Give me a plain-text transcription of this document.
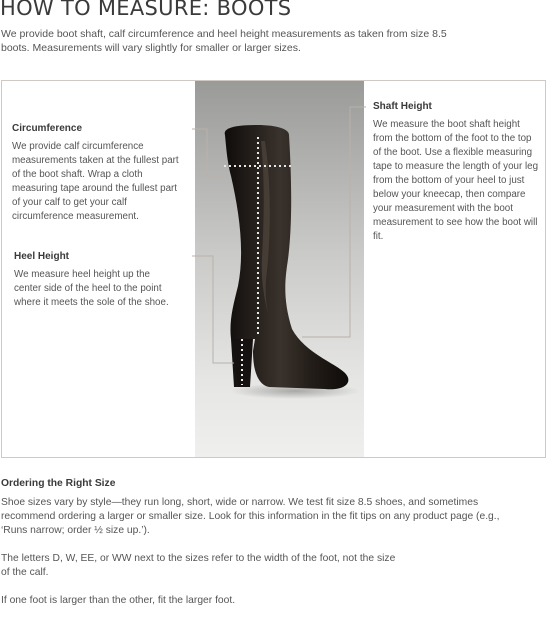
HOW TO MEASURE: BOOTS
We provide boot shaft, calf circumference and heel height measurements as taken from size 8.5 boots. Measurements will vary slightly for smaller or larger sizes.
Circumference

We provide calf circumference measurements taken at the fullest part of the boot shaft. Wrap a cloth measuring tape around the fullest part of your calf to get your calf circumference measurement.

Heel Height

We measure heel height up the center side of the heel to the point where it meets the sole of the shoe.

Shaft Height

We measure the boot shaft height from the bottom of the foot to the top of the boot. Use a flexible measuring tape to measure the length of your leg from the bottom of your heel to just below your kneecap, then compare your measurement with the boot measurement to see how the boot will fit.

Ordering the Right Size

Shoe sizes vary by style—they run long, short, wide or narrow. We test fit size 8.5 shoes, and sometimes recommend ordering a larger or smaller size. Look for this information in the fit tips on any product page (e.g., ‘Runs narrow; order ½ size up.’).

The letters D, W, EE, or WW next to the sizes refer to the width of the foot, not the size of the calf.

If one foot is larger than the other, fit the larger foot.
